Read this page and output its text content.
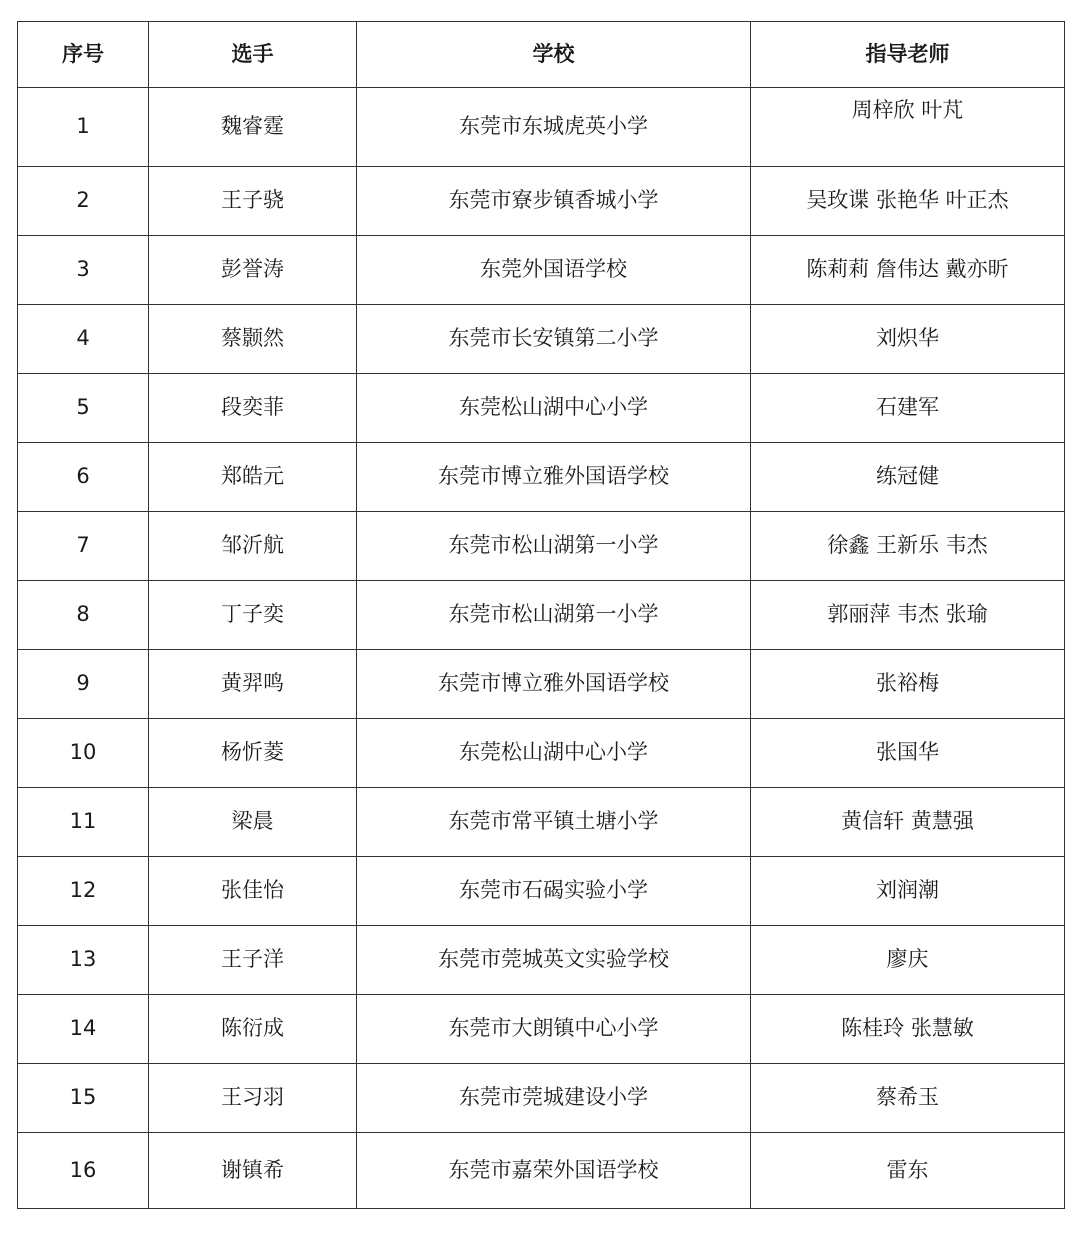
序号	选手	学校	指导老师
1	魏睿霆	东莞市东城虎英小学	周梓欣 叶芃
2	王子骁	东莞市寮步镇香城小学	吴玫谍 张艳华 叶正杰
3	彭誉涛	东莞外国语学校	陈莉莉 詹伟达 戴亦昕
4	蔡颢然	东莞市长安镇第二小学	刘炽华
5	段奕菲	东莞松山湖中心小学	石建军
6	郑皓元	东莞市博立雅外国语学校	练冠健
7	邹沂航	东莞市松山湖第一小学	徐鑫 王新乐 韦杰
8	丁子奕	东莞市松山湖第一小学	郭丽萍 韦杰 张瑜
9	黄羿鸣	东莞市博立雅外国语学校	张裕梅
10	杨忻菱	东莞松山湖中心小学	张国华
11	梁晨	东莞市常平镇土塘小学	黄信轩 黄慧强
12	张佳怡	东莞市石碣实验小学	刘润潮
13	王子洋	东莞市莞城英文实验学校	廖庆
14	陈衍成	东莞市大朗镇中心小学	陈桂玲 张慧敏
15	王习羽	东莞市莞城建设小学	蔡希玉
16	谢镇希	东莞市嘉荣外国语学校	雷东
